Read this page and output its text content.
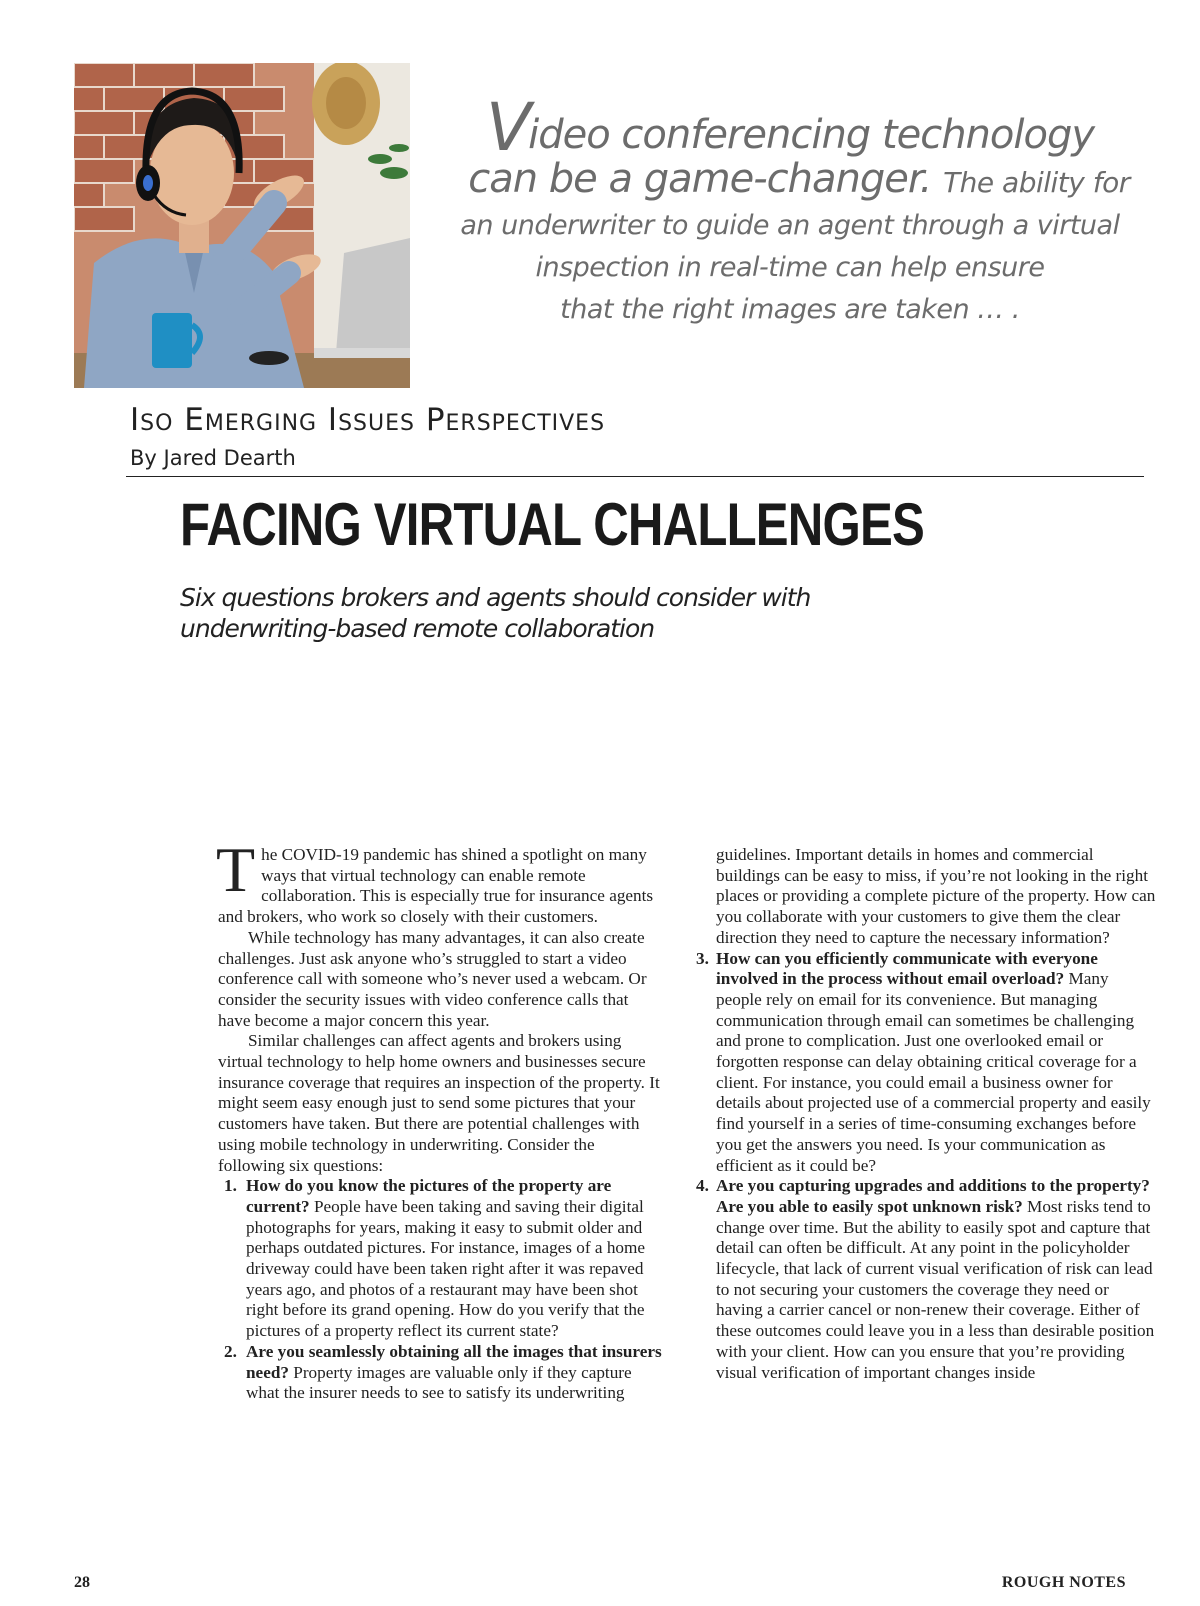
Video conferencing technology
can be a game-changer. The ability for
an underwriter to guide an agent through a virtual
inspection in real-time can help ensure
that the right images are taken … .
Iso Emerging Issues Perspectives
By Jared Dearth
FACING VIRTUAL CHALLENGES
Six questions brokers and agents should consider with
underwriting-based remote collaboration

The COVID-19 pandemic has shined a spotlight on many ways that virtual technology can enable remote collaboration. This is especially true for insurance agents and brokers, who work so closely with their customers.

While technology has many advantages, it can also create challenges. Just ask anyone who’s struggled to start a video conference call with someone who’s never used a webcam. Or consider the security issues with video conference calls that have become a major concern this year.

Similar challenges can affect agents and brokers using virtual technology to help home owners and businesses secure insurance coverage that requires an inspection of the property. It might seem easy enough just to send some pictures that your customers have taken. But there are potential challenges with using mobile technology in underwriting. Consider the following six questions:

1. How do you know the pictures of the property are current? People have been taking and saving their digital photographs for years, making it easy to submit older and perhaps outdated pictures. For instance, images of a home driveway could have been taken right after it was repaved years ago, and photos of a restaurant may have been shot right before its grand opening. How do you verify that the pictures of a property reflect its current state?

2. Are you seamlessly obtaining all the images that insurers need? Property images are valuable only if they capture what the insurer needs to see to satisfy its underwriting

guidelines. Important details in homes and commercial buildings can be easy to miss, if you’re not looking in the right places or providing a complete picture of the property. How can you collaborate with your customers to give them the clear direction they need to capture the necessary information?

3. How can you efficiently communicate with everyone involved in the process without email overload? Many people rely on email for its convenience. But managing communication through email can sometimes be challenging and prone to complication. Just one overlooked email or forgotten response can delay obtaining critical coverage for a client. For instance, you could email a business owner for details about projected use of a commercial property and easily find yourself in a series of time-consuming exchanges before you get the answers you need. Is your communication as efficient as it could be?

4. Are you capturing upgrades and additions to the property? Are you able to easily spot unknown risk? Most risks tend to change over time. But the ability to easily spot and capture that detail can often be difficult. At any point in the policyholder lifecycle, that lack of current visual verification of risk can lead to not securing your customers the coverage they need or having a carrier cancel or non-renew their coverage. Either of these outcomes could leave you in a less than desirable position with your client. How can you ensure that you’re providing visual verification of important changes inside

28	ROUGH NOTES
